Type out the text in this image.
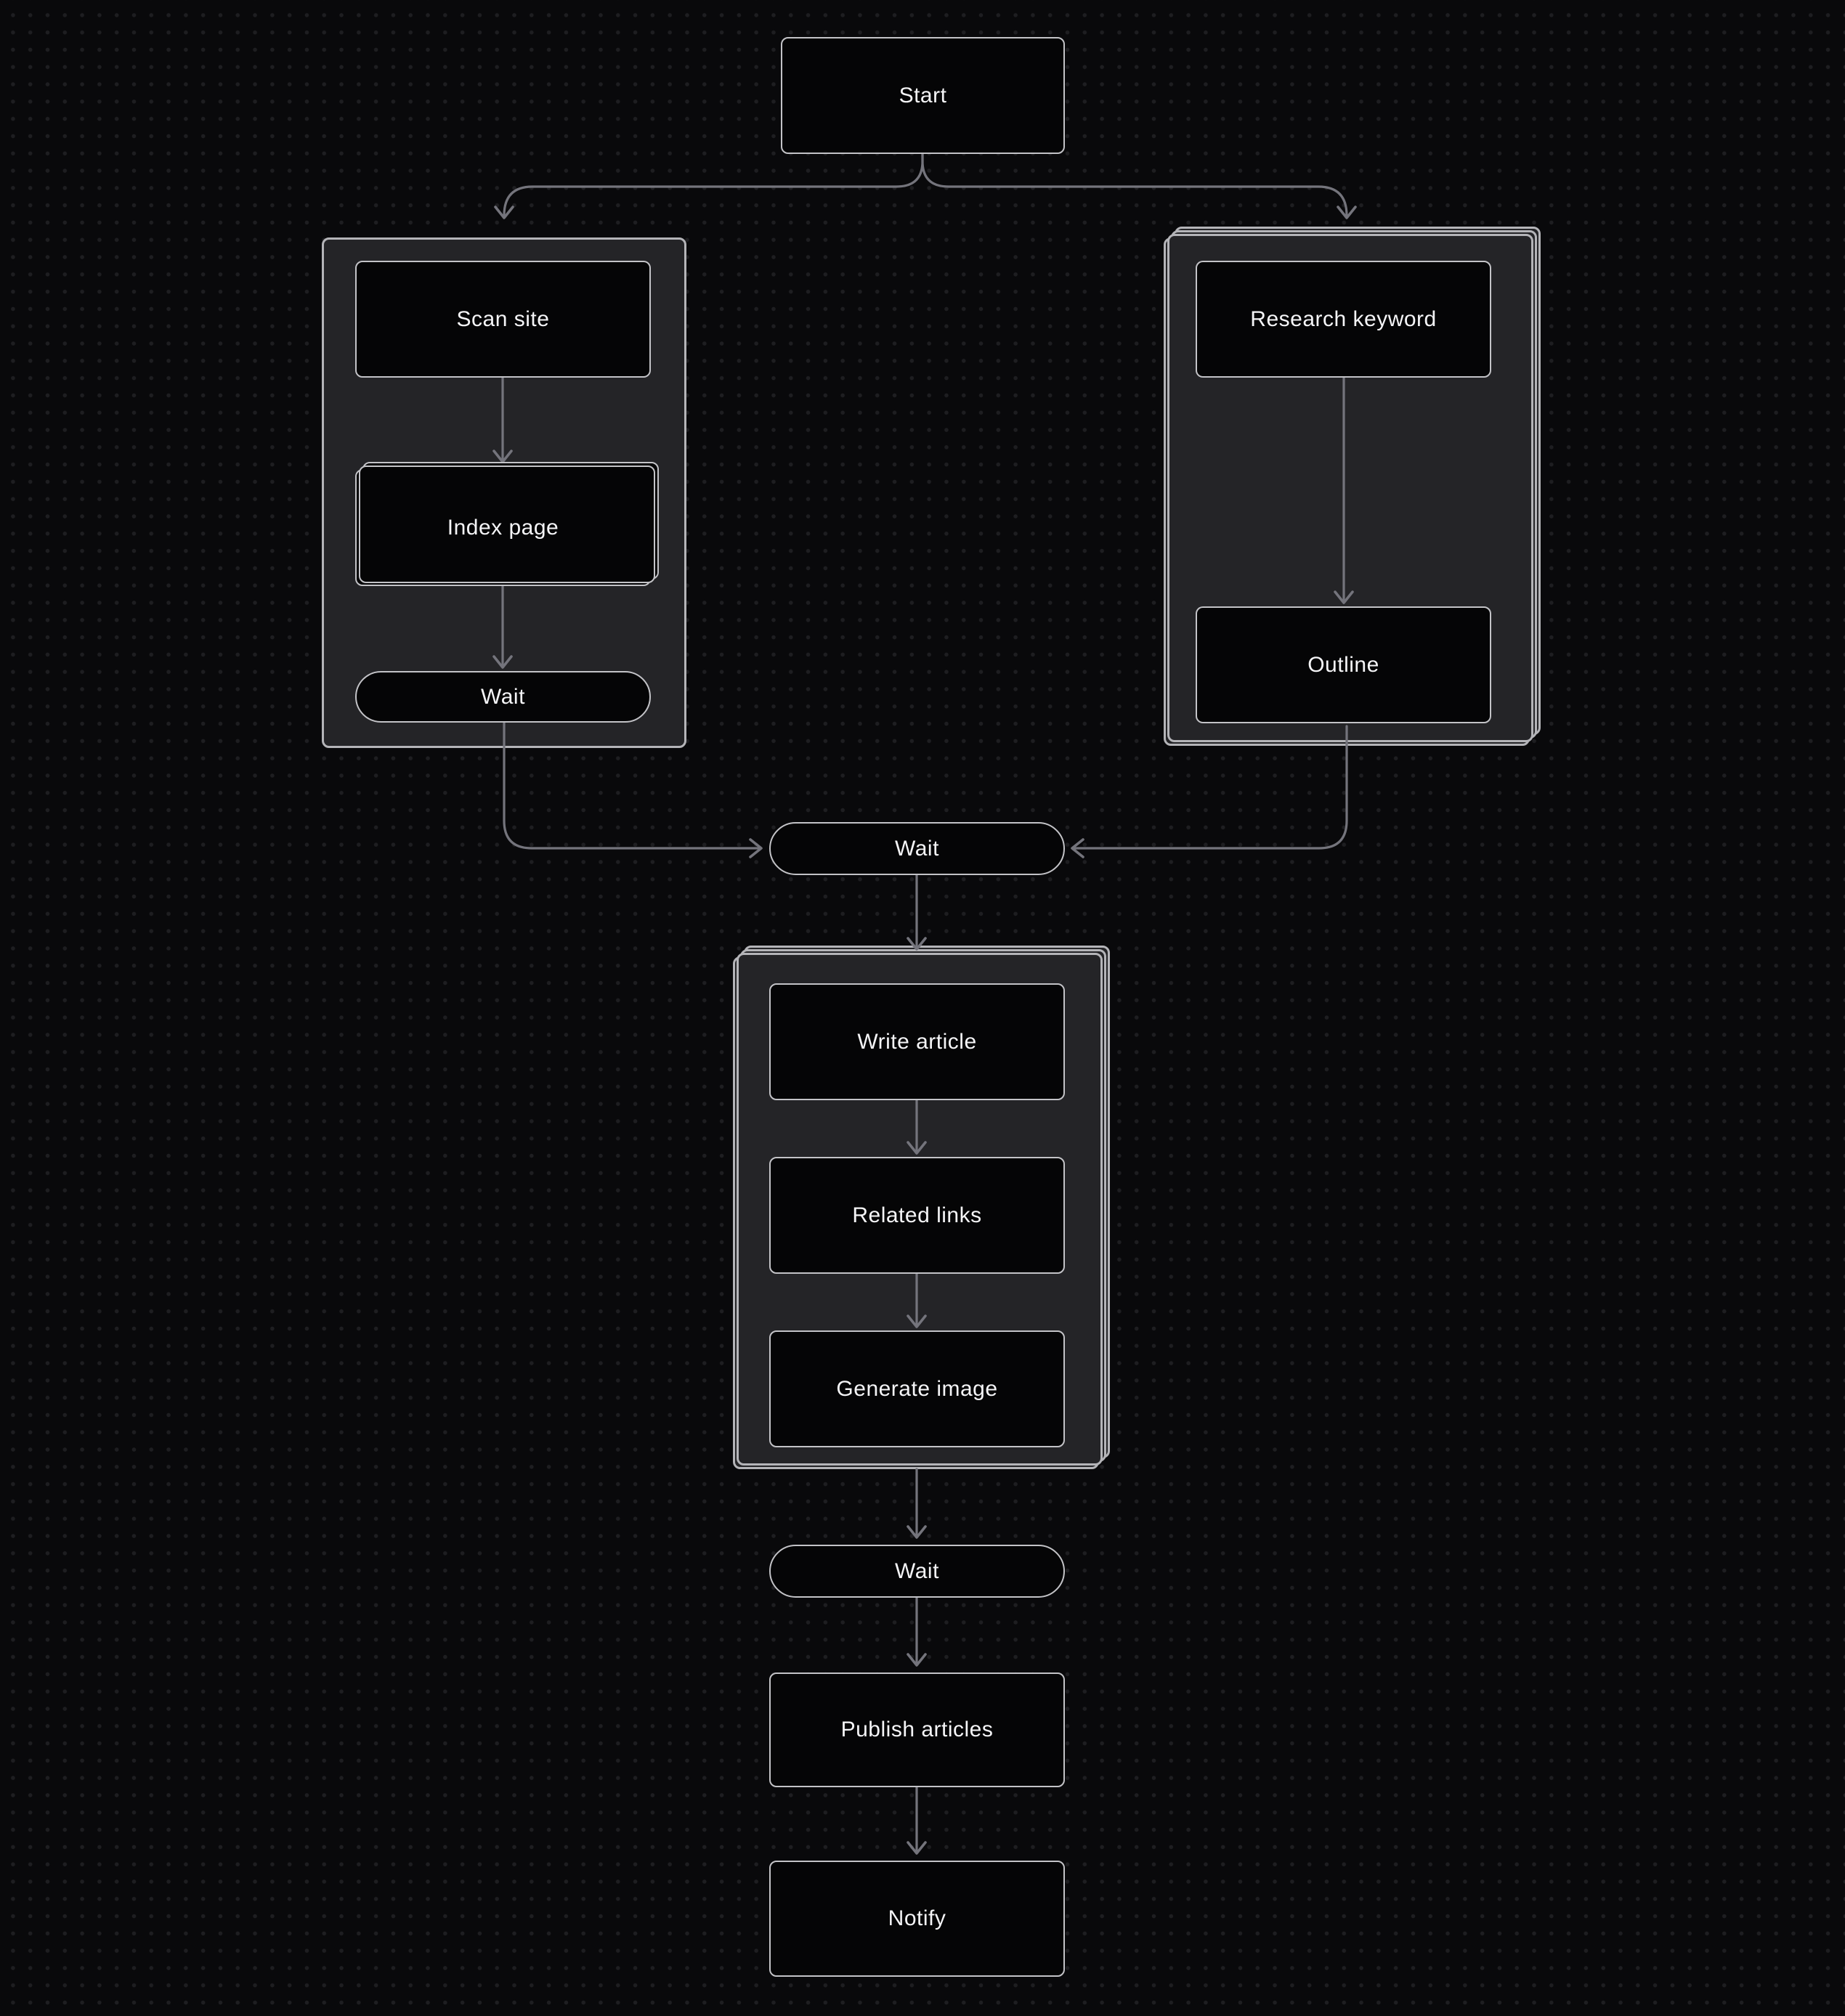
Start
Scan site
Index page
Wait
Research keyword
Outline
Wait
Write article
Related links
Generate image
Wait
Publish articles
Notify
